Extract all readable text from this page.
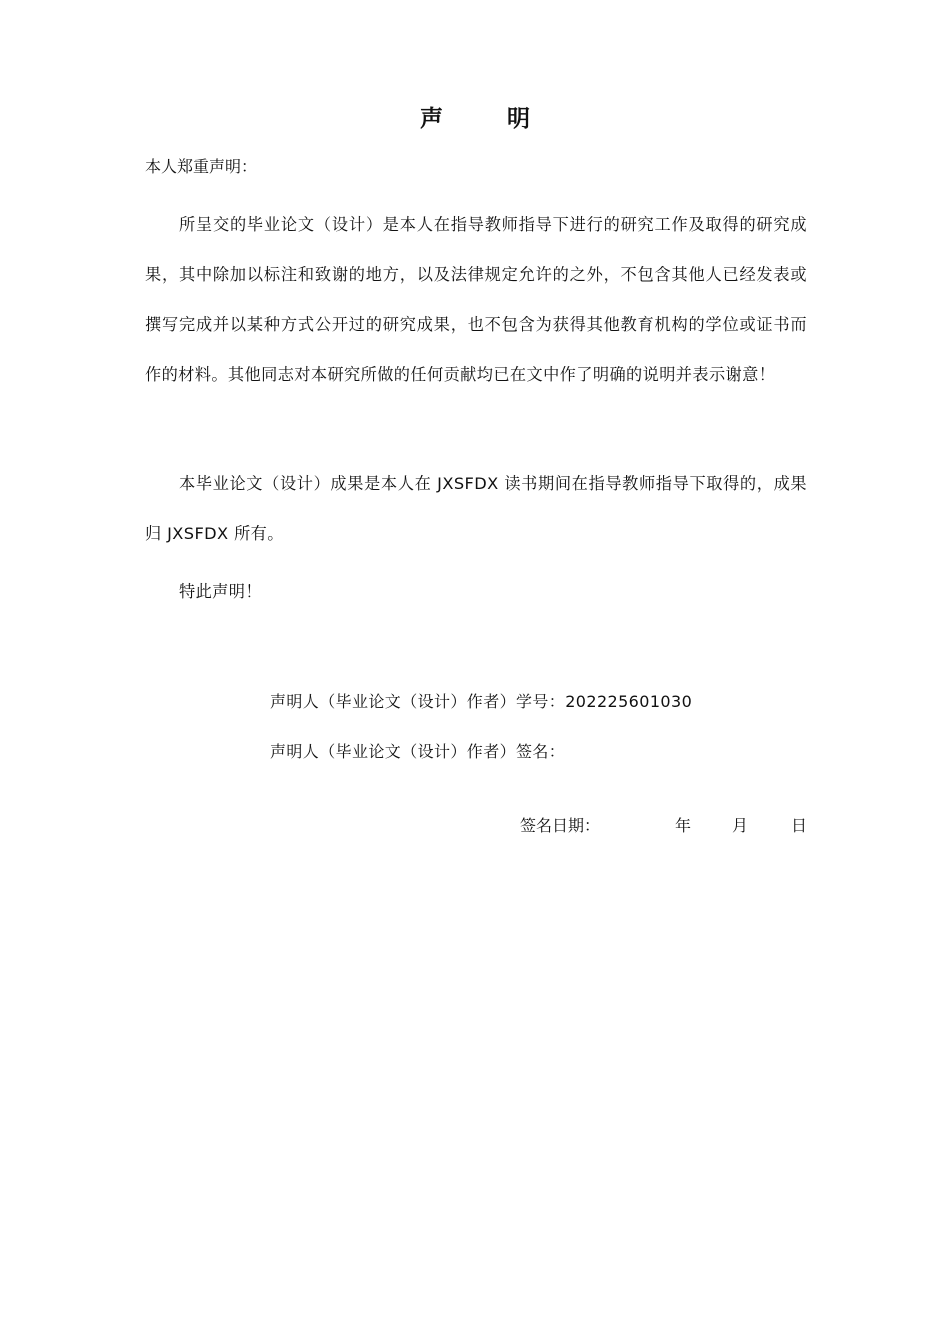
声	明
本人郑重声明：

所呈交的毕业论文（设计）是本人在指导教师指导下进行的研究工作及取得的研究成果，其中除加以标注和致谢的地方，以及法律规定允许的之外，不包含其他人已经发表或撰写完成并以某种方式公开过的研究成果，也不包含为获得其他教育机构的学位或证书而作的材料。其他同志对本研究所做的任何贡献均已在文中作了明确的说明并表示谢意！

本毕业论文（设计）成果是本人在 JXSFDX 读书期间在指导教师指导下取得的，成果归 JXSFDX 所有。

特此声明！

声明人（毕业论文（设计）作者）学号：202225601030
声明人（毕业论文（设计）作者）签名：
签名日期：	年	月	日
